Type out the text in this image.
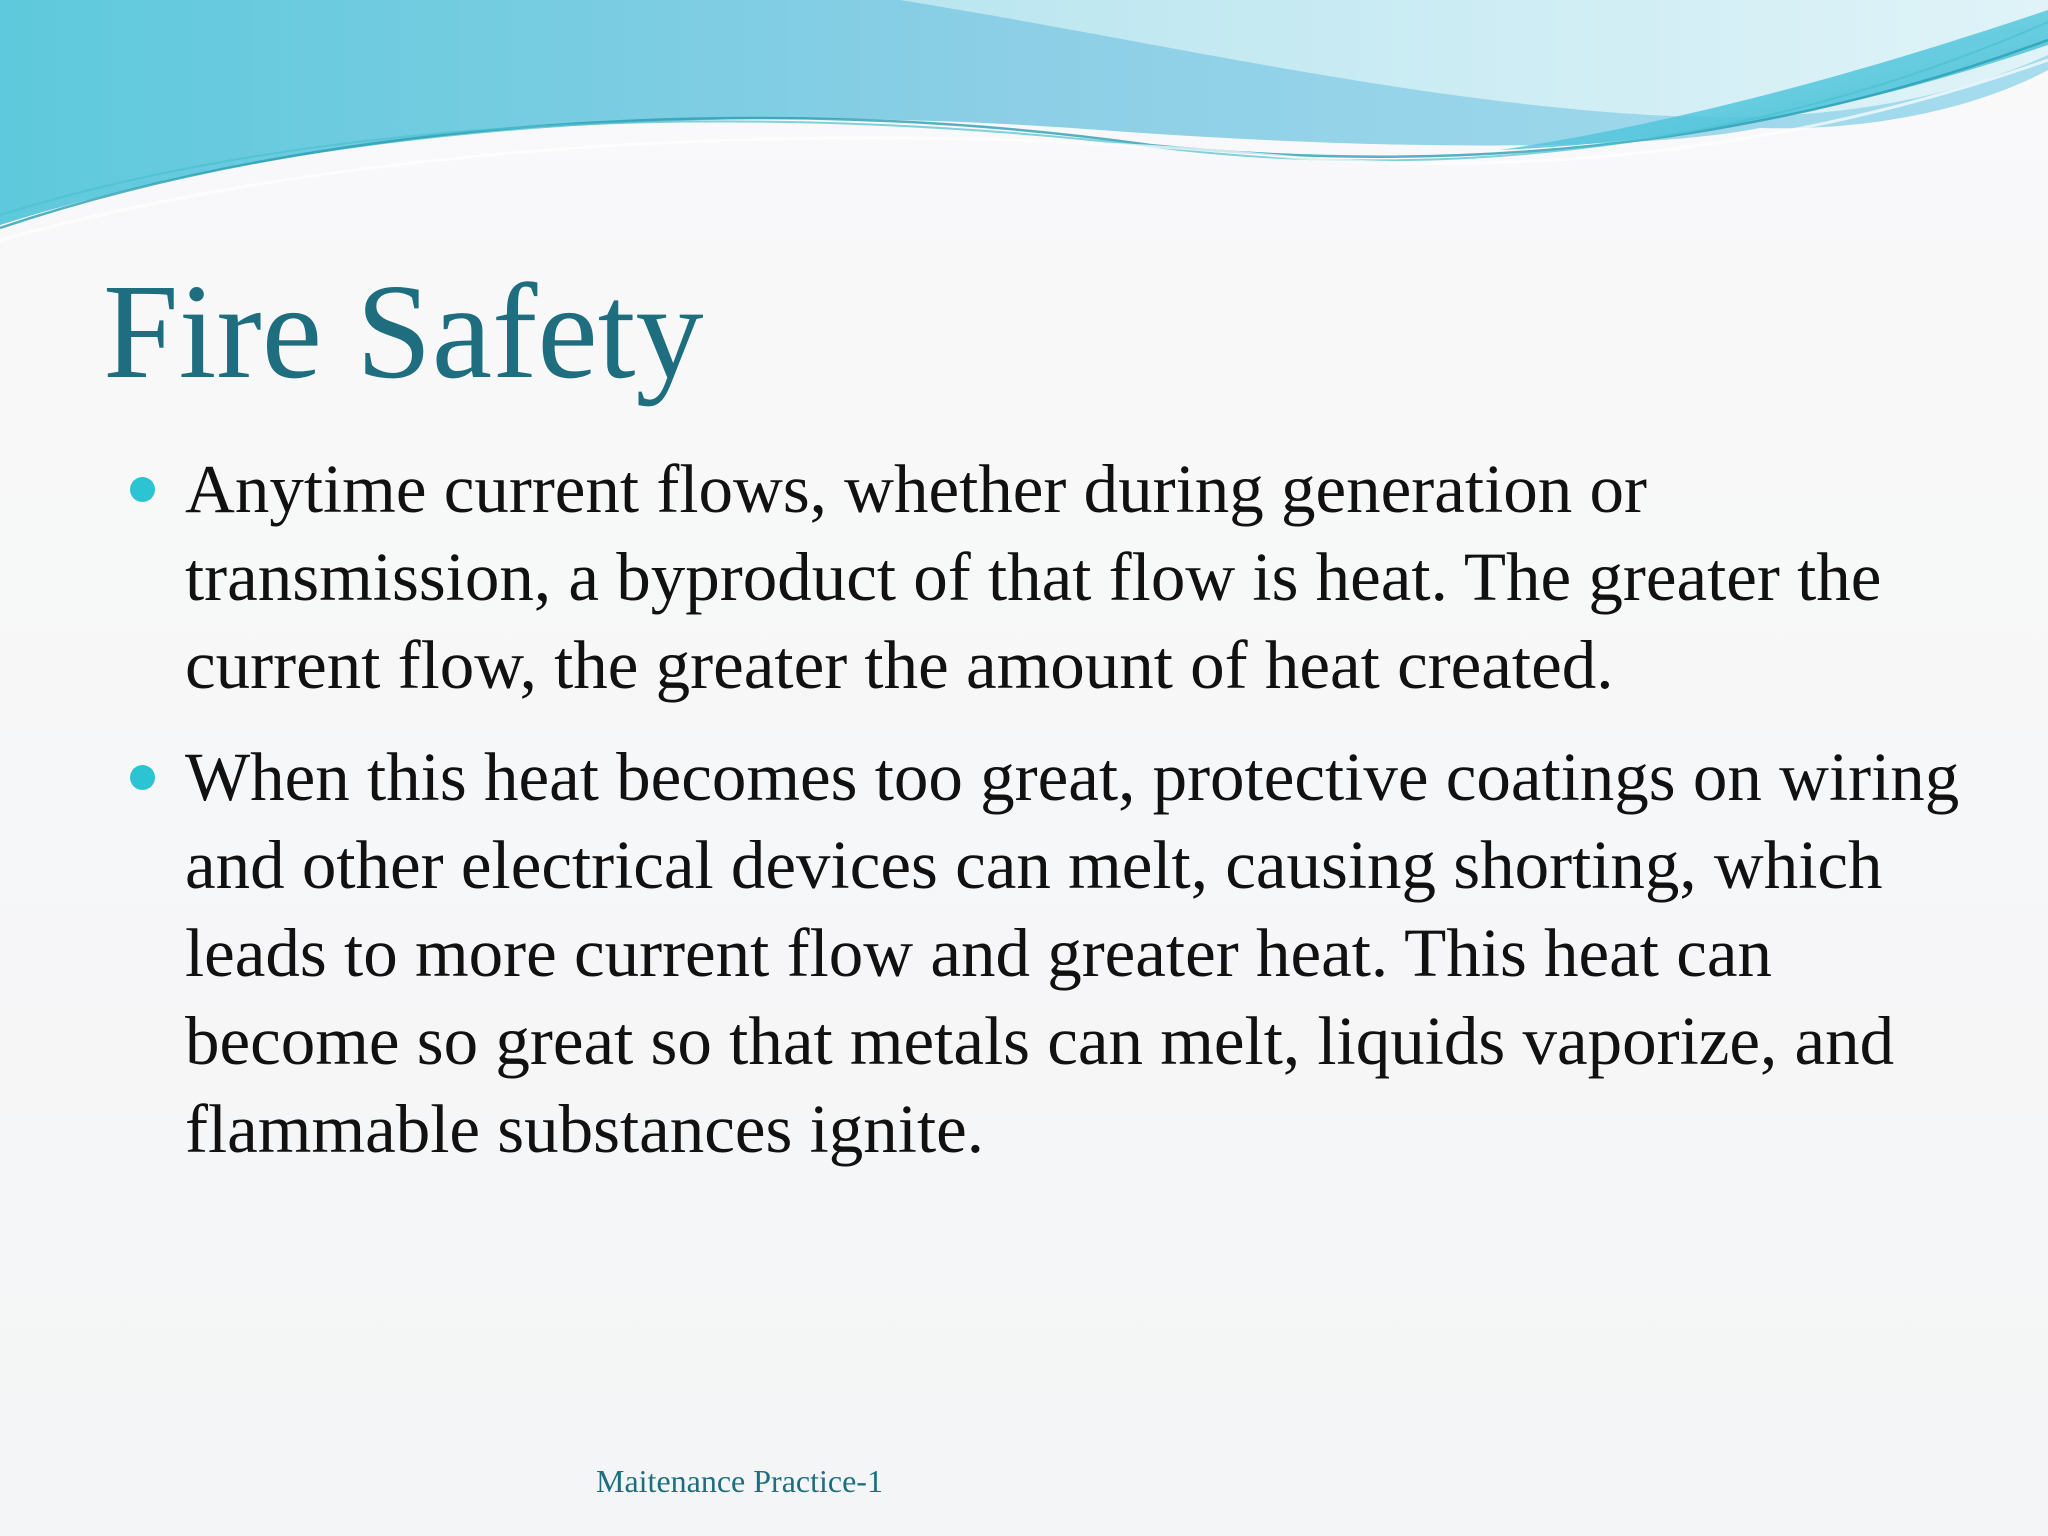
Fire Safety
Anytime current flows, whether during generation or transmission, a byproduct of that flow is heat. The greater the current flow, the greater the amount of heat created.
When this heat becomes too great, protective coatings on wiring and other electrical devices can melt, causing shorting, which leads to more current flow and greater heat. This heat can become so great so that metals can melt, liquids vaporize, and flammable substances ignite.
Maitenance Practice-1
